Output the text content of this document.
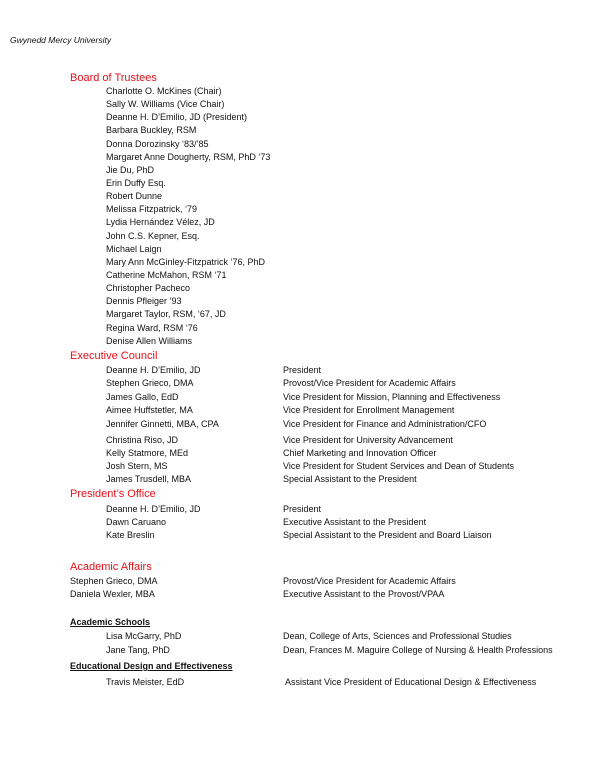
Gwynedd Mercy University
Board of Trustees
Charlotte O. McKines (Chair)
Sally W. Williams (Vice Chair)
Deanne H. D’Emilio, JD (President)
Barbara Buckley, RSM
Donna Dorozinsky ‘83/’85
Margaret Anne Dougherty, RSM, PhD ‘73
Jie Du, PhD
Erin Duffy Esq.
Robert Dunne
Melissa Fitzpatrick, ‘79
Lydia Hernández Vélez, JD
John C.S. Kepner, Esq.
Michael Laign
Mary Ann McGinley-Fitzpatrick ‘76, PhD
Catherine McMahon, RSM ‘71
Christopher Pacheco
Dennis Pfleiger ‘93
Margaret Taylor, RSM, ‘67, JD
Regina Ward, RSM ‘76
Denise Allen Williams
Executive Council
Deanne H. D’Emilio, JD	President
Stephen Grieco, DMA	Provost/Vice President for Academic Affairs
James Gallo, EdD	Vice President for Mission, Planning and Effectiveness
Aimee Huffstetler, MA	Vice President for Enrollment Management
Jennifer Ginnetti, MBA, CPA	Vice President for Finance and Administration/CFO
Christina Riso, JD	Vice President for University Advancement
Kelly Statmore, MEd	Chief Marketing and Innovation Officer
Josh Stern, MS	Vice President for Student Services and Dean of Students
James Trusdell, MBA	Special Assistant to the President
President’s Office
Deanne H. D’Emilio, JD	President
Dawn Caruano	Executive Assistant to the President
Kate Breslin	Special Assistant to the President and Board Liaison
Academic Affairs
Stephen Grieco, DMA	Provost/Vice President for Academic Affairs
Daniela Wexler, MBA	Executive Assistant to the Provost/VPAA
Academic Schools
Lisa McGarry, PhD	Dean, College of Arts, Sciences and Professional Studies
Jane Tang, PhD	Dean, Frances M. Maguire College of Nursing & Health Professions
Educational Design and Effectiveness
Travis Meister, EdD	Assistant Vice President of Educational Design & Effectiveness
